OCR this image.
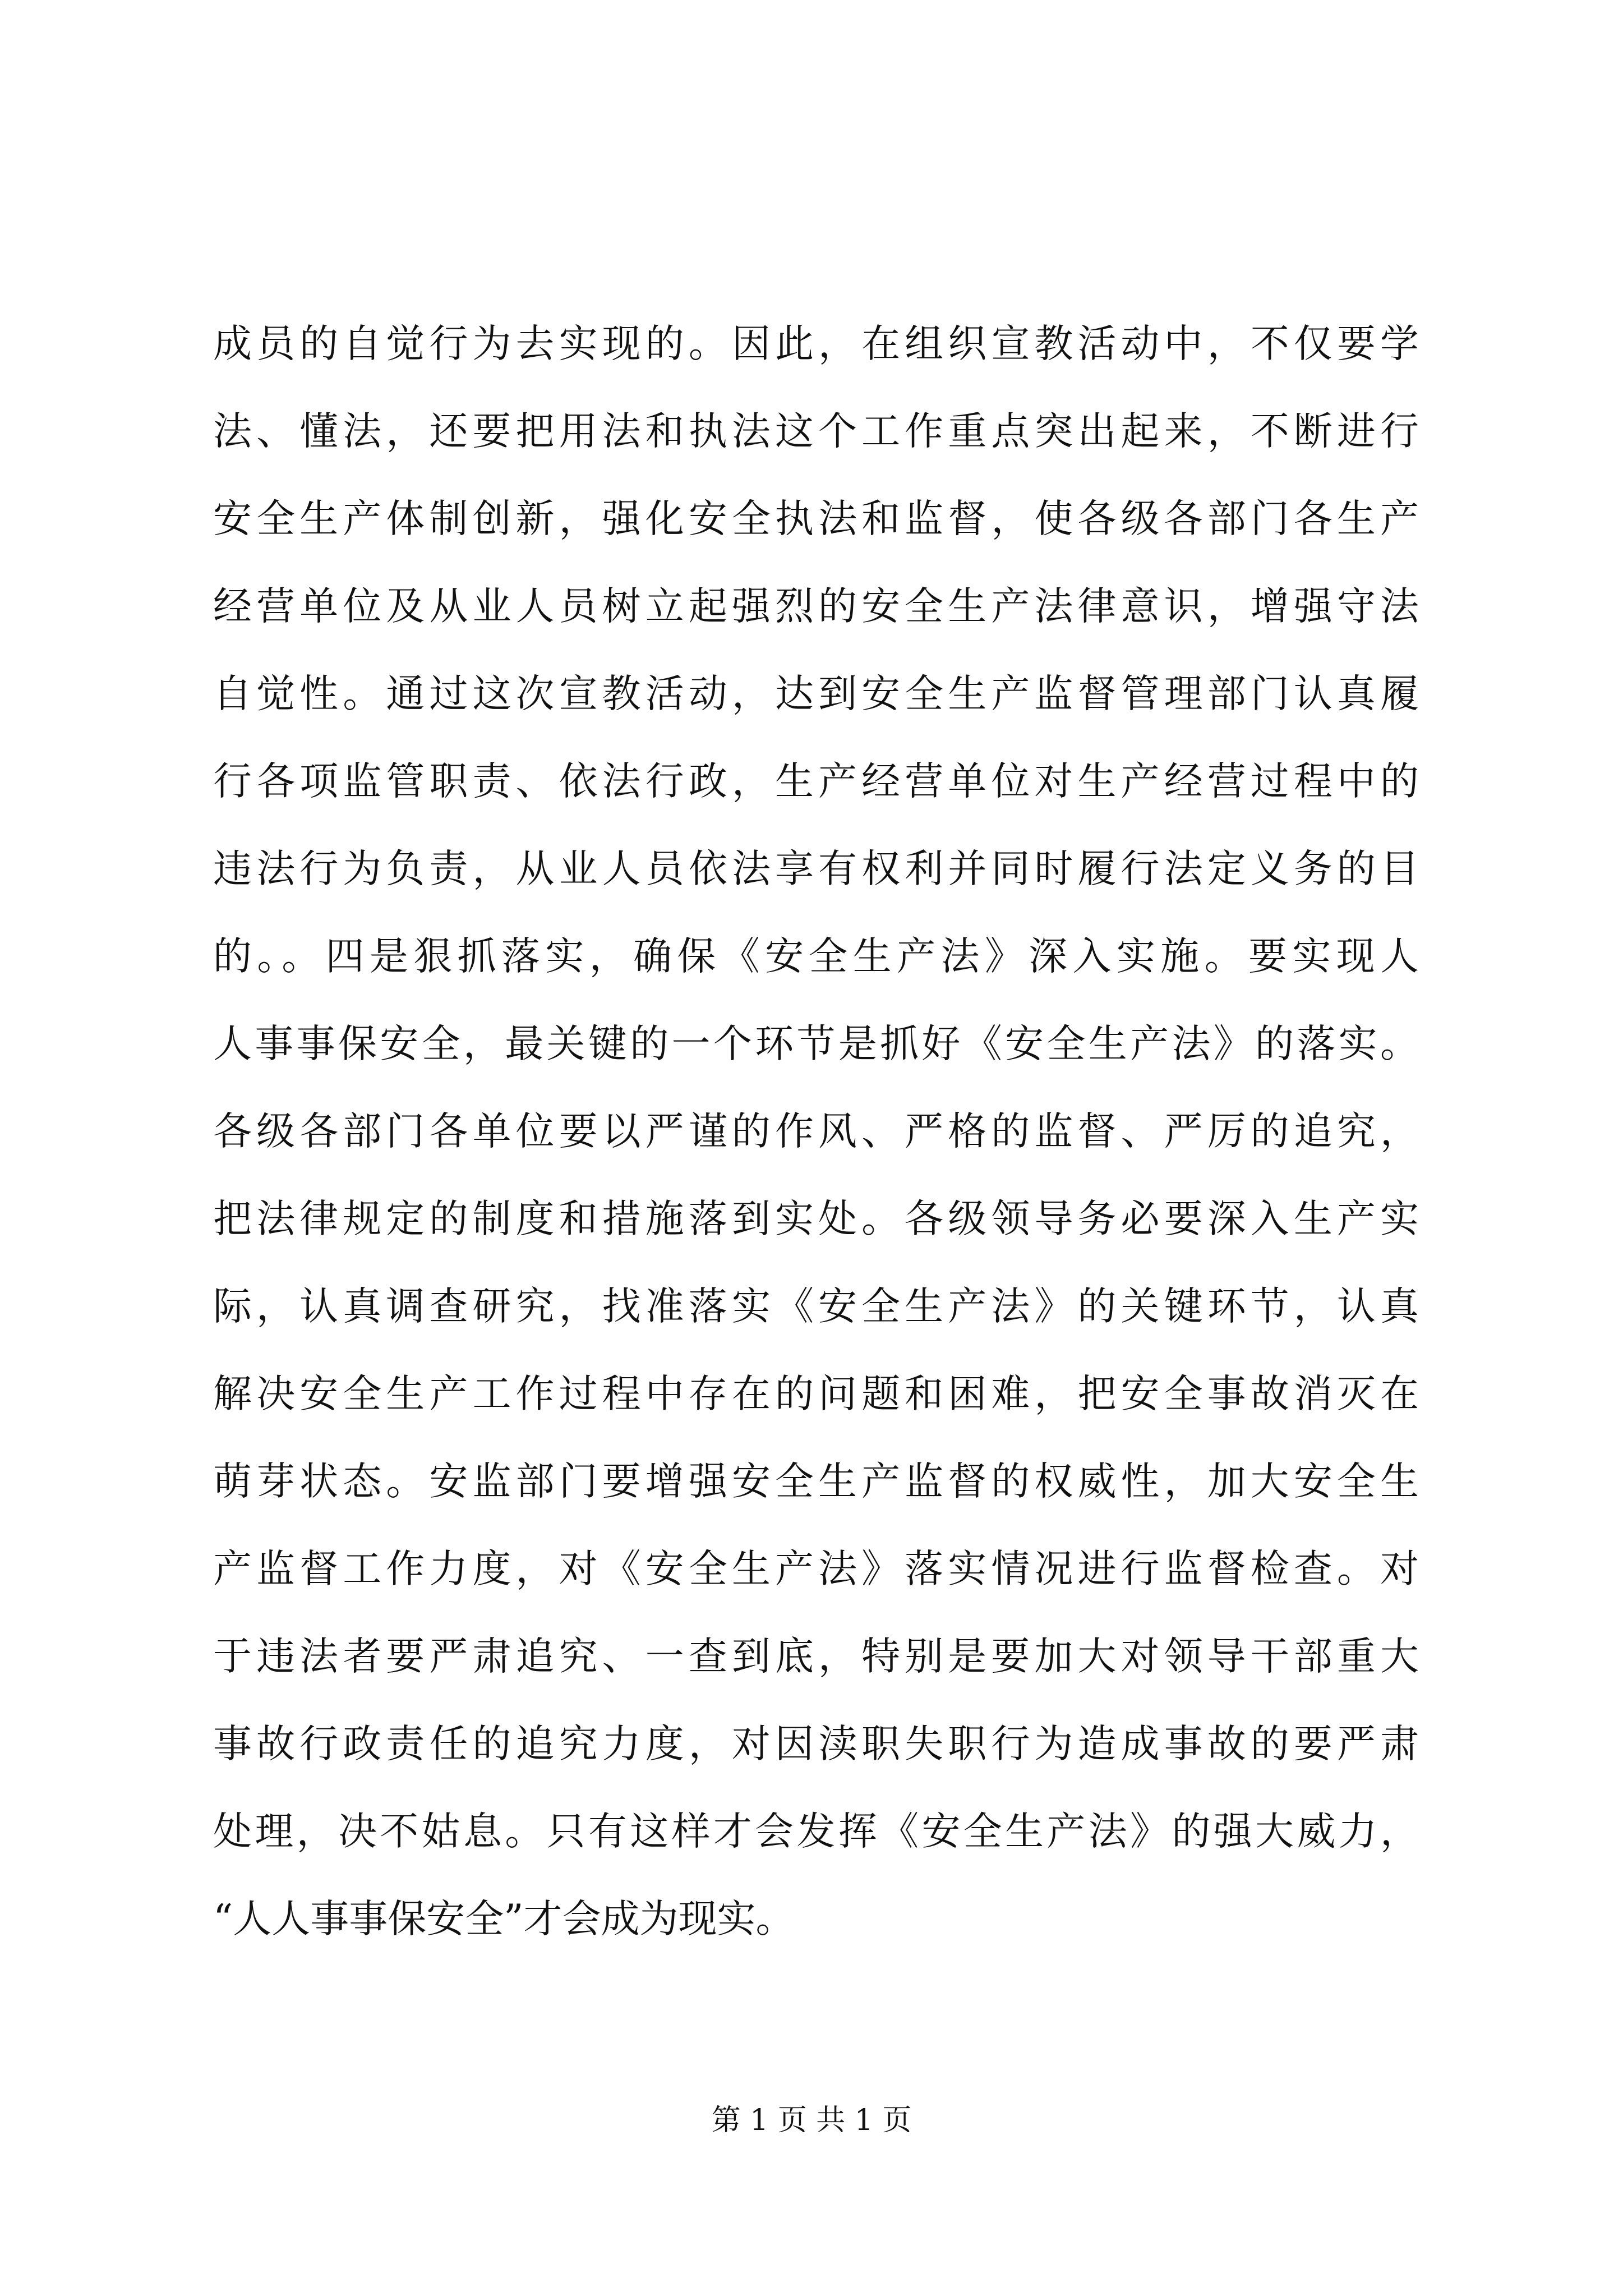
成员的自觉行为去实现的。因此，在组织宣教活动中，不仅要学
法、懂法，还要把用法和执法这个工作重点突出起来，不断进行
安全生产体制创新，强化安全执法和监督，使各级各部门各生产
经营单位及从业人员树立起强烈的安全生产法律意识，增强守法
自觉性。通过这次宣教活动，达到安全生产监督管理部门认真履
行各项监管职责、依法行政，生产经营单位对生产经营过程中的
违法行为负责，从业人员依法享有权利并同时履行法定义务的目
的。。四是狠抓落实，确保《安全生产法》深入实施。要实现人
人事事保安全，最关键的一个环节是抓好《安全生产法》的落实。
各级各部门各单位要以严谨的作风、严格的监督、严厉的追究，
把法律规定的制度和措施落到实处。各级领导务必要深入生产实
际，认真调查研究，找准落实《安全生产法》的关键环节，认真
解决安全生产工作过程中存在的问题和困难，把安全事故消灭在
萌芽状态。安监部门要增强安全生产监督的权威性，加大安全生
产监督工作力度，对《安全生产法》落实情况进行监督检查。对
于违法者要严肃追究、一查到底，特别是要加大对领导干部重大
事故行政责任的追究力度，对因渎职失职行为造成事故的要严肃
处理，决不姑息。只有这样才会发挥《安全生产法》的强大威力，
“人人事事保安全”才会成为现实。
第 1 页 共 1 页
